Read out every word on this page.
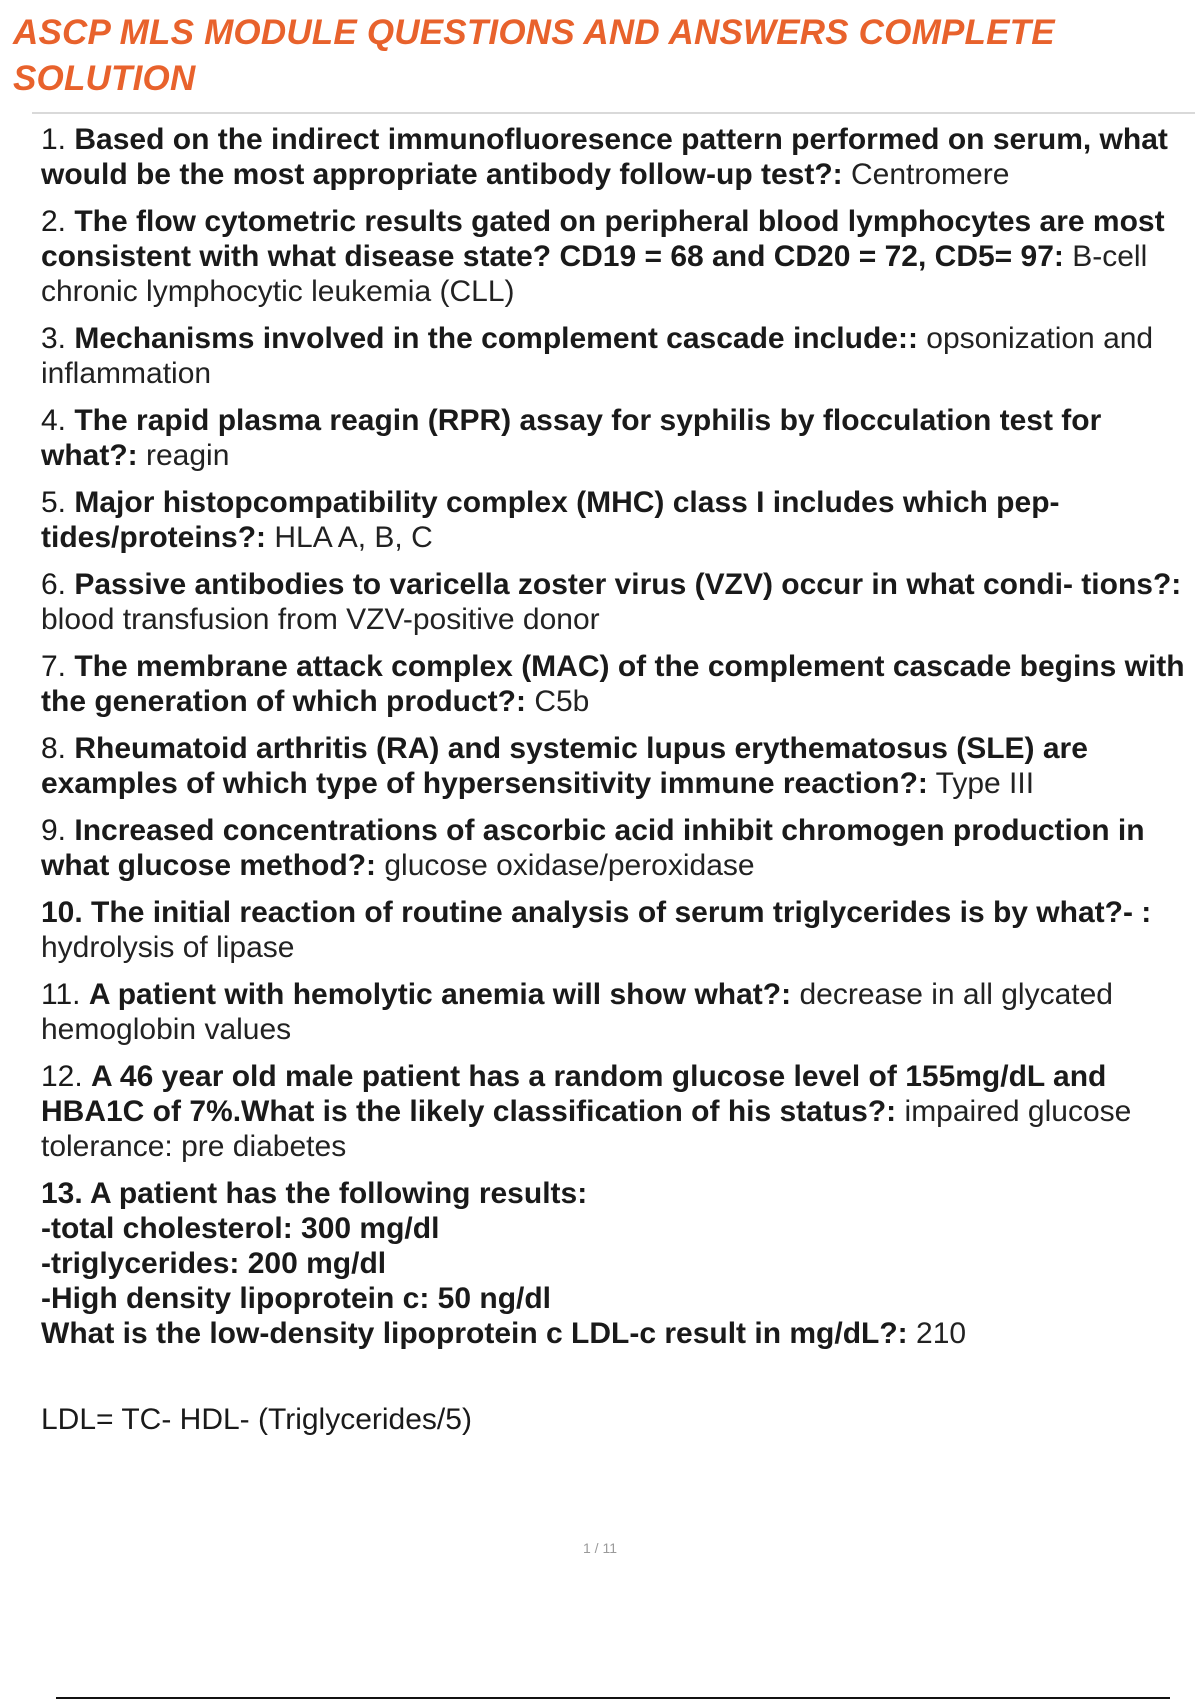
ASCP MLS MODULE QUESTIONS AND ANSWERS COMPLETE SOLUTION
1. Based on the indirect immunofluoresence pattern performed on serum, what would be the most appropriate antibody follow-up test?: Centromere
2. The flow cytometric results gated on peripheral blood lymphocytes are most consistent with what disease state? CD19 = 68 and CD20 = 72, CD5= 97: B-cell chronic lymphocytic leukemia (CLL)
3. Mechanisms involved in the complement cascade include:: opsonization and inflammation
4. The rapid plasma reagin (RPR) assay for syphilis by flocculation test for what?: reagin
5. Major histopcompatibility complex (MHC) class I includes which pep- tides/proteins?: HLA A, B, C
6. Passive antibodies to varicella zoster virus (VZV) occur in what condi- tions?: blood transfusion from VZV-positive donor
7. The membrane attack complex (MAC) of the complement cascade begins with the generation of which product?: C5b
8. Rheumatoid arthritis (RA) and systemic lupus erythematosus (SLE) are examples of which type of hypersensitivity immune reaction?: Type III
9. Increased concentrations of ascorbic acid inhibit chromogen production in what glucose method?: glucose oxidase/peroxidase
10. The initial reaction of routine analysis of serum triglycerides is by what?- : hydrolysis of lipase
11. A patient with hemolytic anemia will show what?: decrease in all glycated hemoglobin values
12. A 46 year old male patient has a random glucose level of 155mg/dL and HBA1C of 7%.What is the likely classification of his status?: impaired glucose tolerance: pre diabetes
13. A patient has the following results:
-total cholesterol: 300 mg/dl
-triglycerides: 200 mg/dl
-High density lipoprotein c: 50 ng/dl
What is the low-density lipoprotein c LDL-c result in mg/dL?: 210
LDL= TC- HDL- (Triglycerides/5)
1 / 11
